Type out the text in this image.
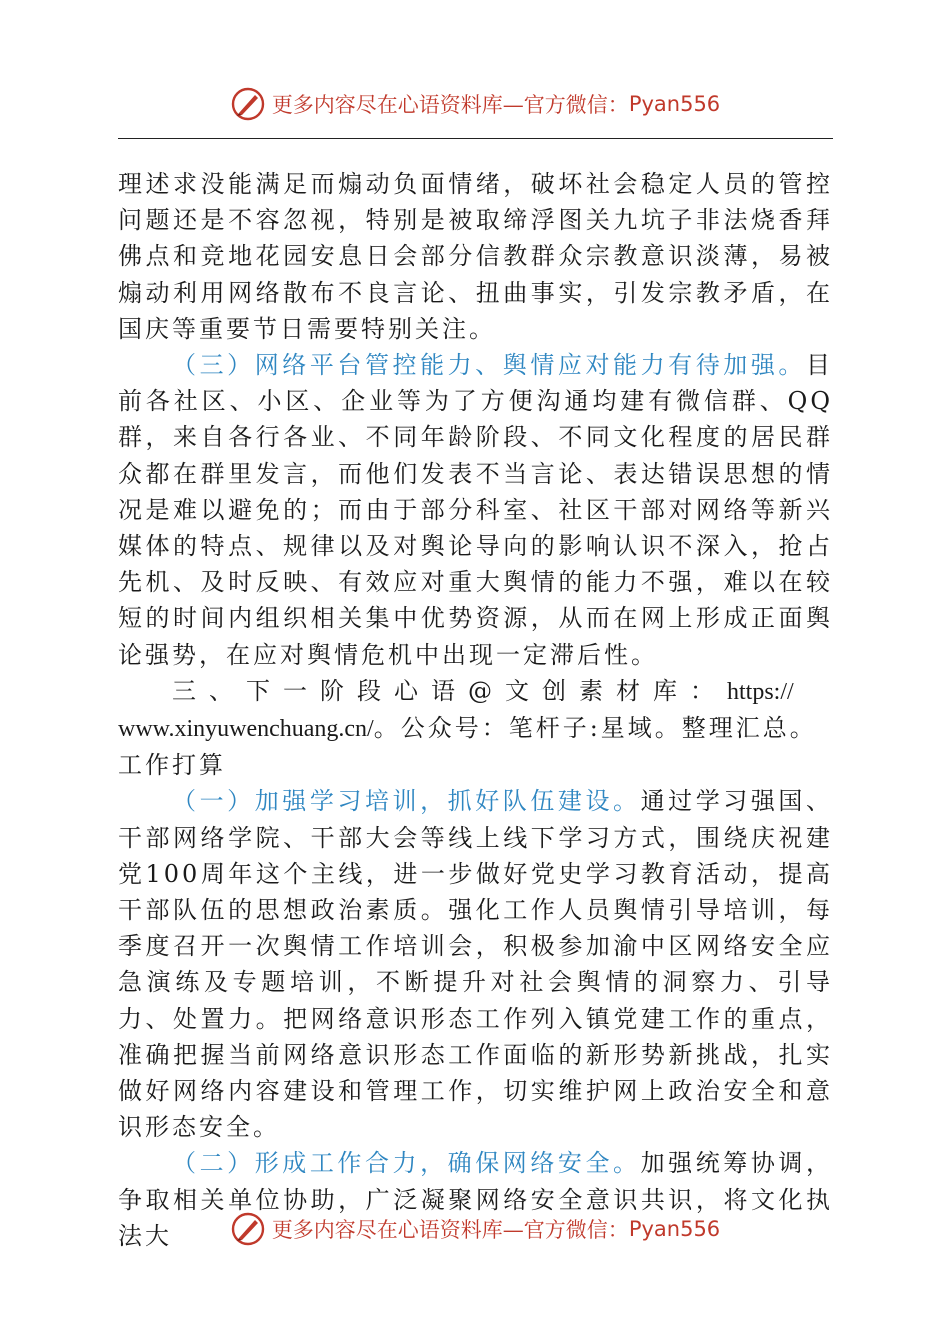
更多内容尽在心语资料库—官方微信： Pyan556

理述求没能满足而煽动负面情绪，破坏社会稳定人员的管控问题还是不容忽视，特别是被取缔浮图关九坑子非法烧香拜佛点和竞地花园安息日会部分信教群众宗教意识淡薄，易被煽动利用网络散布不良言论、扭曲事实，引发宗教矛盾，在国庆等重要节日需要特别关注。

（三）网络平台管控能力、舆情应对能力有待加强。目前各社区、小区、企业等为了方便沟通均建有微信群、QQ群，来自各行各业、不同年龄阶段、不同文化程度的居民群众都在群里发言，而他们发表不当言论、表达错误思想的情况是难以避免的；而由于部分科室、社区干部对网络等新兴媒体的特点、规律以及对舆论导向的影响认识不深入，抢占先机、及时反映、有效应对重大舆情的能力不强，难以在较短的时间内组织相关集中优势资源，从而在网上形成正面舆论强势，在应对舆情危机中出现一定滞后性。

三、下一阶段心语@文创素材库：https://
www.xinyuwenchuang.cn/。公众号：笔杆子:星域。整理汇总。
工作打算

（一）加强学习培训，抓好队伍建设。通过学习强国、干部网络学院、干部大会等线上线下学习方式，围绕庆祝建党100周年这个主线，进一步做好党史学习教育活动，提高干部队伍的思想政治素质。强化工作人员舆情引导培训，每季度召开一次舆情工作培训会，积极参加渝中区网络安全应急演练及专题培训，不断提升对社会舆情的洞察力、引导力、处置力。把网络意识形态工作列入镇党建工作的重点，准确把握当前网络意识形态工作面临的新形势新挑战，扎实做好网络内容建设和管理工作，切实维护网上政治安全和意识形态安全。

（二）形成工作合力，确保网络安全。加强统筹协调，争取相关单位协助，广泛凝聚网络安全意识共识，将文化执法大	更多内容尽在心语资料库—官方微信： Pyan556
